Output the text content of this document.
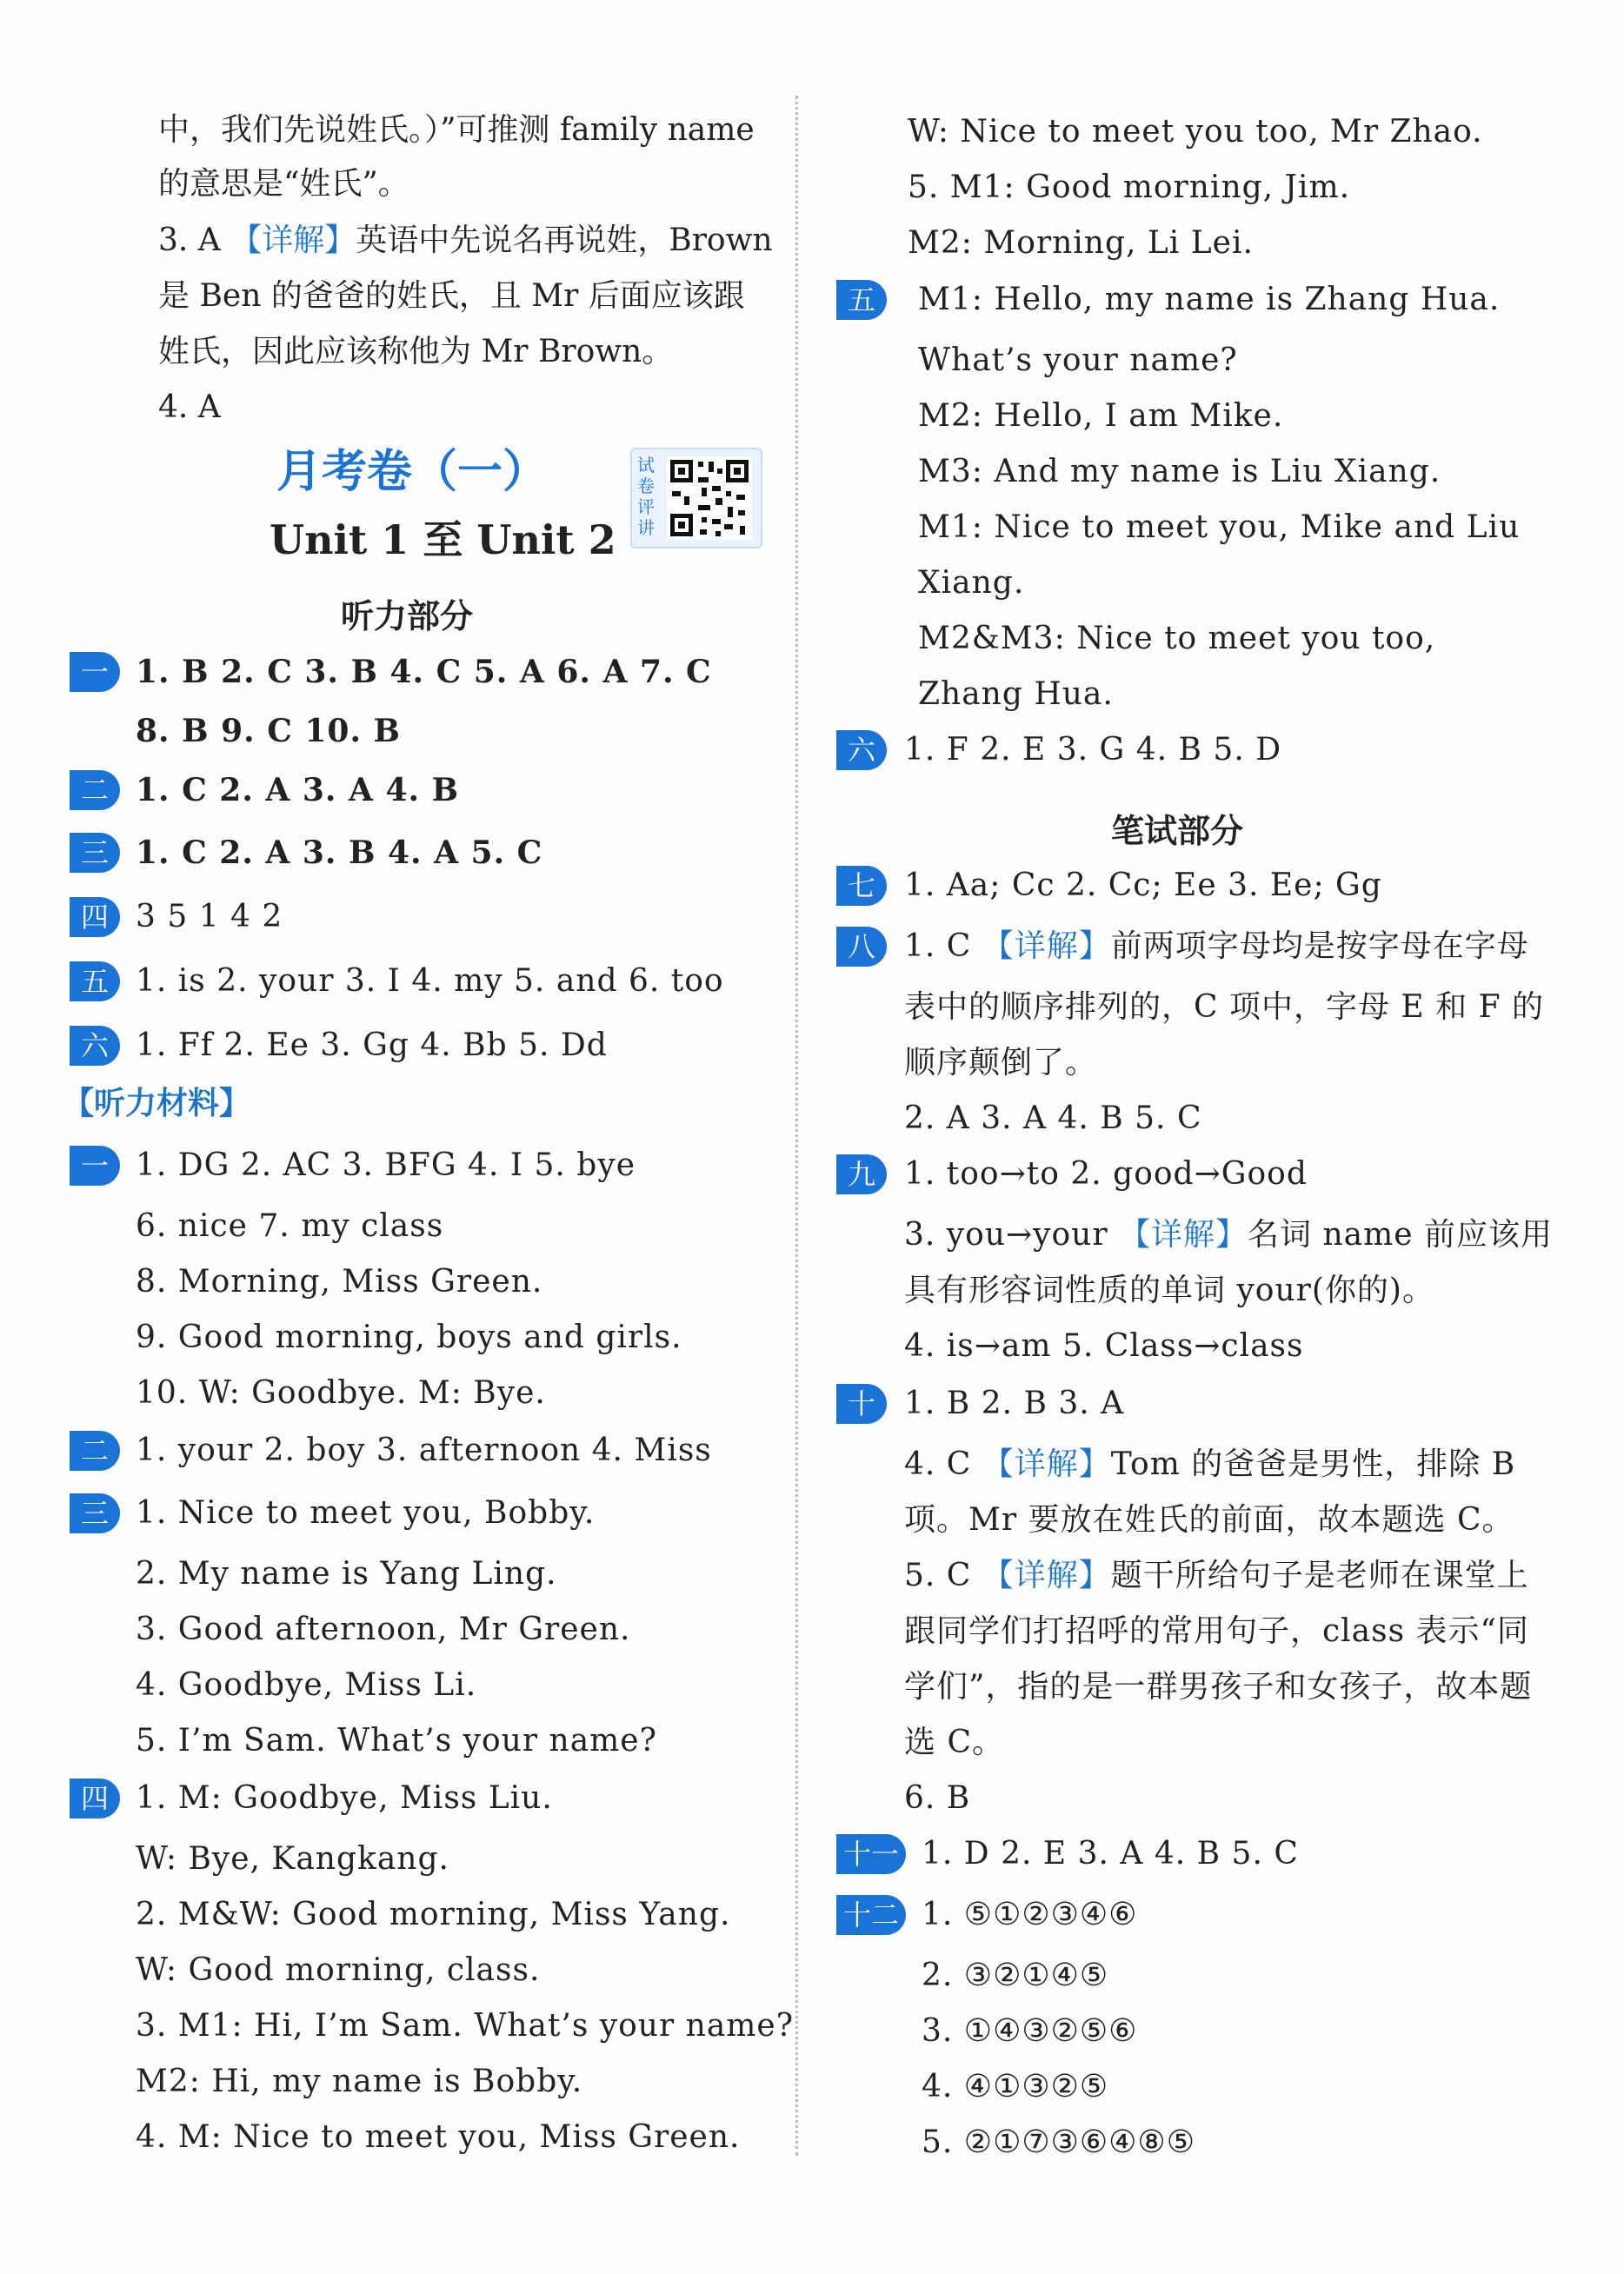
中，我们先说姓氏。）”可推测 family name
的意思是“姓氏”。
3. A 【详解】英语中先说名再说姓，Brown
是 Ben 的爸爸的姓氏，且 Mr 后面应该跟
姓氏，因此应该称他为 Mr Brown。
4. A
月考卷（一）
Unit 1 至 Unit 2
试卷评讲
听力部分
一 1. B 2. C 3. B 4. C 5. A 6. A 7. C
8. B 9. C 10. B
二 1. C 2. A 3. A 4. B
三 1. C 2. A 3. B 4. A 5. C
四 3 5 1 4 2
五 1. is 2. your 3. I 4. my 5. and 6. too
六 1. Ff 2. Ee 3. Gg 4. Bb 5. Dd
【听力材料】
一 1. DG 2. AC 3. BFG 4. I 5. bye
6. nice 7. my class
8. Morning, Miss Green.
9. Good morning, boys and girls.
10. W: Goodbye. M: Bye.
二 1. your 2. boy 3. afternoon 4. Miss
三 1. Nice to meet you, Bobby.
2. My name is Yang Ling.
3. Good afternoon, Mr Green.
4. Goodbye, Miss Li.
5. I’m Sam. What’s your name?
四 1. M: Goodbye, Miss Liu.
W: Bye, Kangkang.
2. M&W: Good morning, Miss Yang.
W: Good morning, class.
3. M1: Hi, I’m Sam. What’s your name?
M2: Hi, my name is Bobby.
4. M: Nice to meet you, Miss Green.
W: Nice to meet you too, Mr Zhao.
5. M1: Good morning, Jim.
M2: Morning, Li Lei.
五	M1: Hello, my name is Zhang Hua.
What’s your name?
M2: Hello, I am Mike.
M3: And my name is Liu Xiang.
M1: Nice to meet you, Mike and Liu
Xiang.
M2&M3: Nice to meet you too,
Zhang Hua.
六 1. F 2. E 3. G 4. B 5. D
笔试部分
七 1. Aa; Cc 2. Cc; Ee 3. Ee; Gg
八 1. C 【详解】前两项字母均是按字母在字母
表中的顺序排列的，C 项中，字母 E 和 F 的
顺序颠倒了。
2. A 3. A 4. B 5. C
九 1. too→to 2. good→Good
3. you→your 【详解】名词 name 前应该用
具有形容词性质的单词 your(你的)。
4. is→am 5. Class→class
十 1. B 2. B 3. A
4. C 【详解】Tom 的爸爸是男性，排除 B
项。Mr 要放在姓氏的前面，故本题选 C。
5. C 【详解】题干所给句子是老师在课堂上
跟同学们打招呼的常用句子，class 表示“同
学们”，指的是一群男孩子和女孩子，故本题
选 C。
6. B
十一 1. D 2. E 3. A 4. B 5. C
十二 1. ⑤①②③④⑥
2. ③②①④⑤
3. ①④③②⑤⑥
4. ④①③②⑤
5. ②①⑦③⑥④⑧⑤
